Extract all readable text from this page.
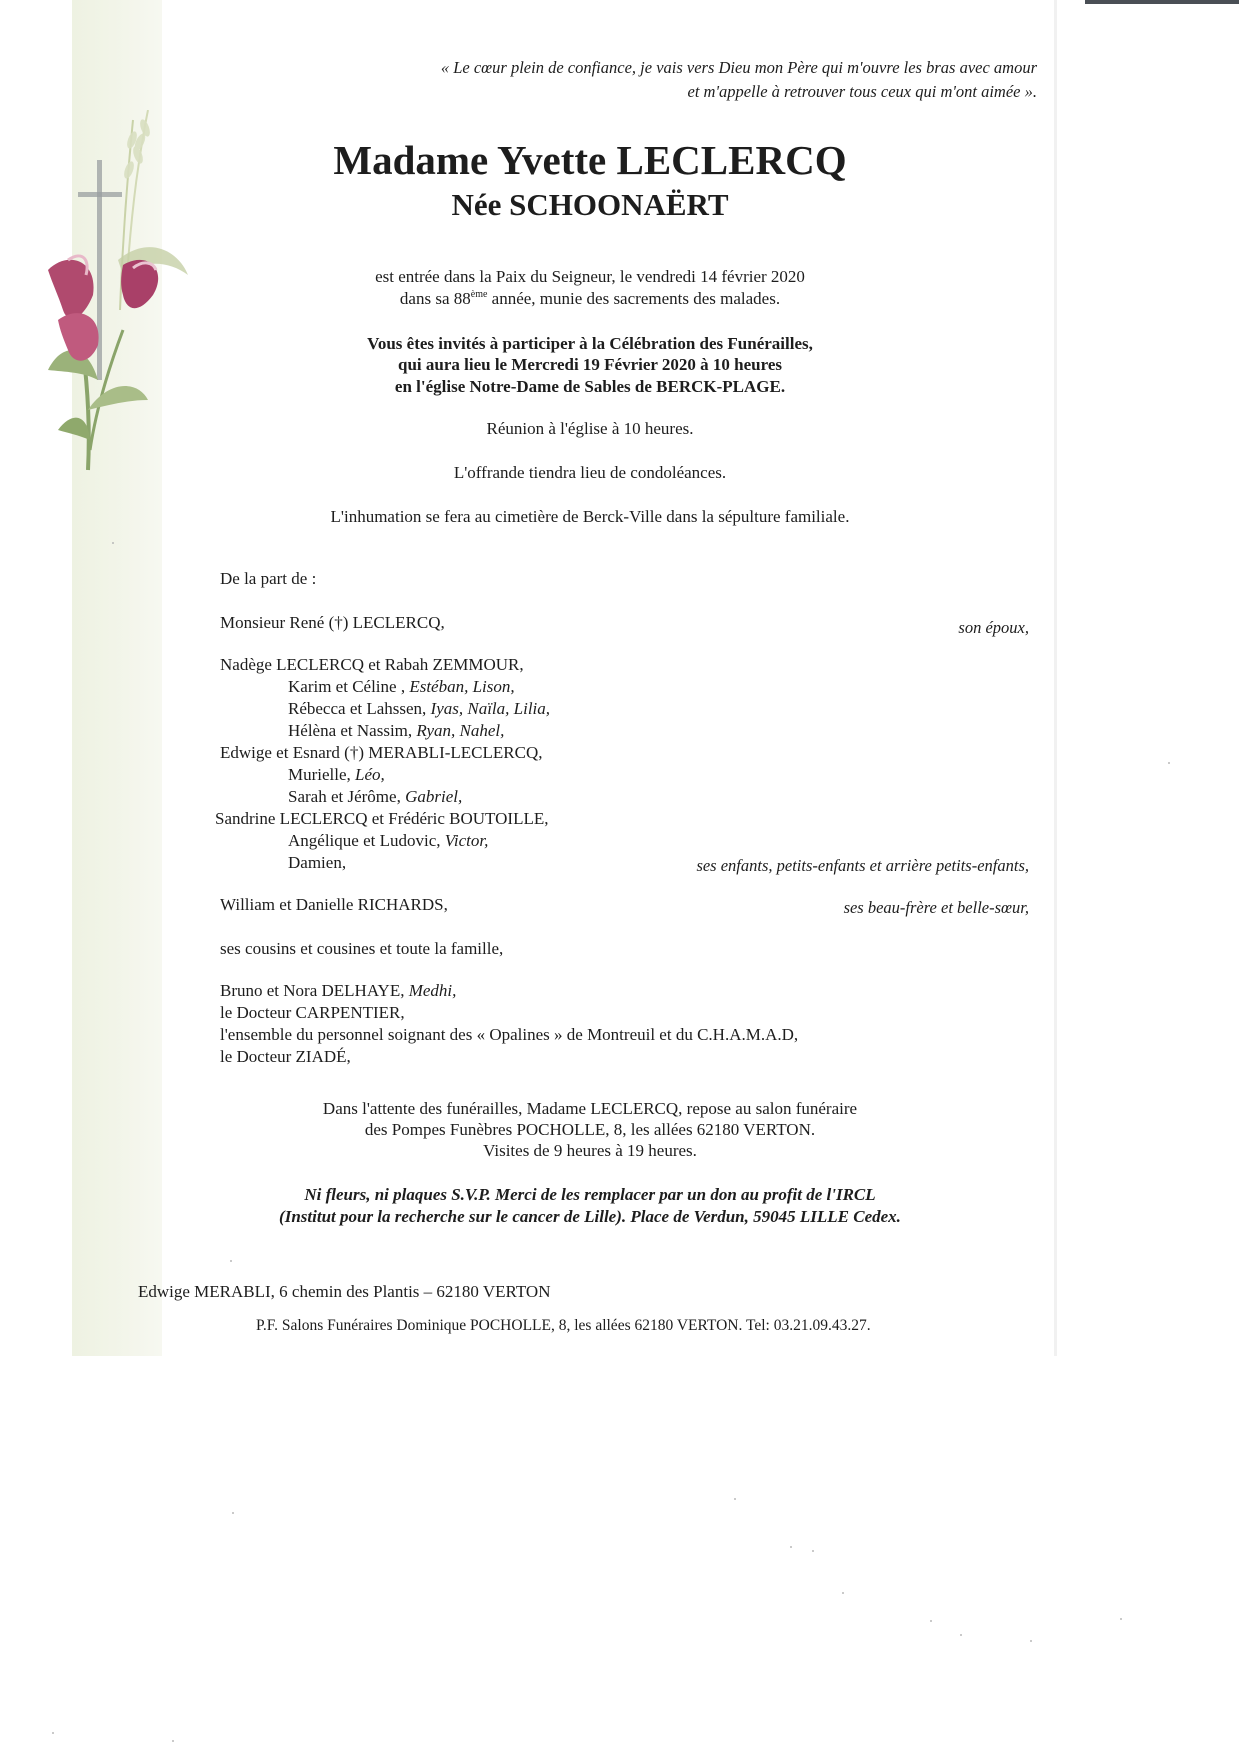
« Le cœur plein de confiance, je vais vers Dieu mon Père qui m'ouvre les bras avec amour
et m'appelle à retrouver tous ceux qui m'ont aimée ».
Madame Yvette LECLERCQ
Née SCHOONAËRT
est entrée dans la Paix du Seigneur, le vendredi 14 février 2020
dans sa 88ème année, munie des sacrements des malades.
Vous êtes invités à participer à la Célébration des Funérailles,
qui aura lieu le Mercredi 19 Février 2020 à 10 heures
en l'église Notre-Dame de Sables de BERCK-PLAGE.
Réunion à l'église à 10 heures.
L'offrande tiendra lieu de condoléances.
L'inhumation se fera au cimetière de Berck-Ville dans la sépulture familiale.
De la part de :
Monsieur René (†) LECLERCQ,	son époux,
Nadège LECLERCQ et Rabah ZEMMOUR,
Karim et Céline , Estéban, Lison,
Rébecca et Lahssen, Iyas, Naïla, Lilia,
Hélèna et Nassim, Ryan, Nahel,
Edwige et Esnard (†) MERABLI-LECLERCQ,
Murielle, Léo,
Sarah et Jérôme, Gabriel,
Sandrine LECLERCQ et Frédéric BOUTOILLE,
Angélique et Ludovic, Victor,
Damien,	ses enfants, petits-enfants et arrière petits-enfants,
William et Danielle RICHARDS,	ses beau-frère et belle-sœur,
ses cousins et cousines et toute la famille,
Bruno et Nora DELHAYE, Medhi,
le Docteur CARPENTIER,
l'ensemble du personnel soignant des « Opalines » de Montreuil et du C.H.A.M.A.D,
le Docteur ZIADÉ,
Dans l'attente des funérailles, Madame LECLERCQ, repose au salon funéraire
des Pompes Funèbres POCHOLLE, 8, les allées 62180 VERTON.
Visites de 9 heures à 19 heures.
Ni fleurs, ni plaques S.V.P. Merci de les remplacer par un don au profit de l'IRCL
(Institut pour la recherche sur le cancer de Lille). Place de Verdun, 59045 LILLE Cedex.
Edwige MERABLI, 6 chemin des Plantis – 62180 VERTON
P.F. Salons Funéraires Dominique POCHOLLE, 8, les allées 62180 VERTON. Tel: 03.21.09.43.27.
